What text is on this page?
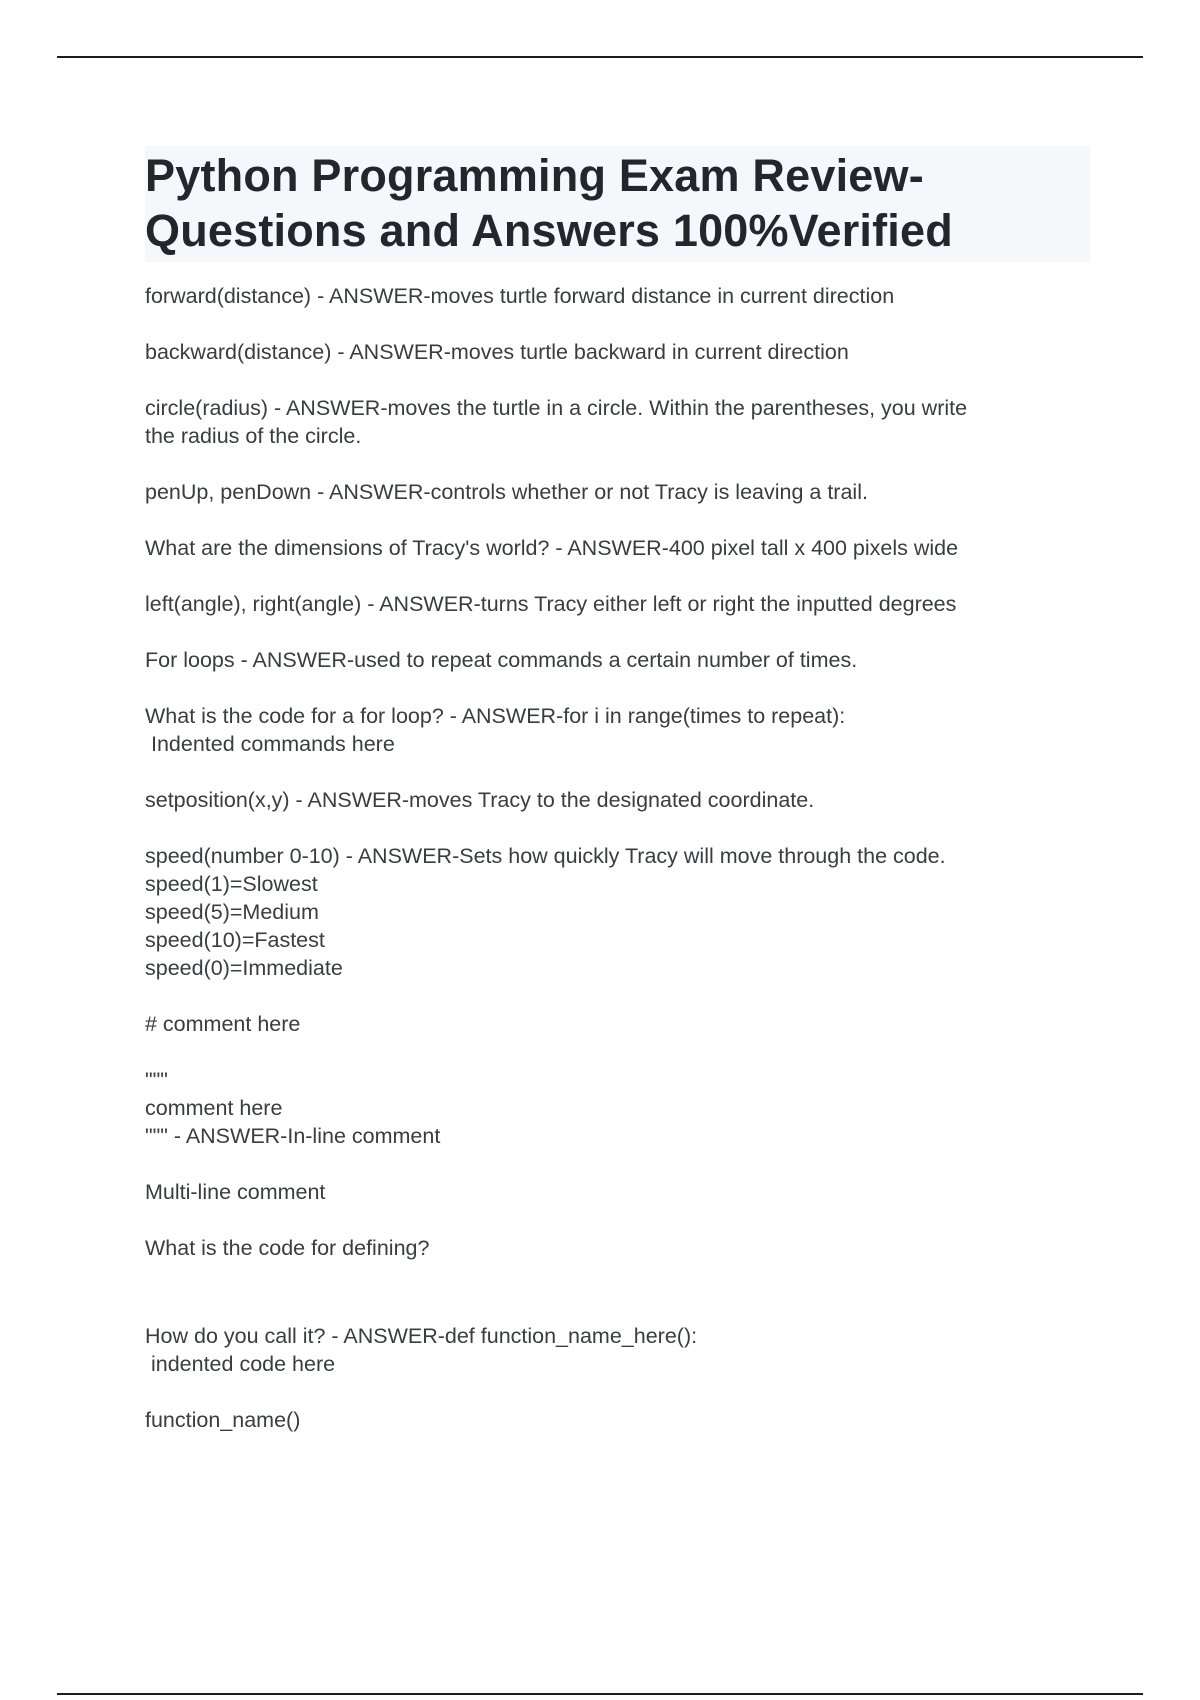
Python Programming Exam Review-
Questions and Answers 100%Verified
forward(distance) - ANSWER-moves turtle forward distance in current direction
backward(distance) - ANSWER-moves turtle backward in current direction
circle(radius) - ANSWER-moves the turtle in a circle. Within the parentheses, you write
the radius of the circle.
penUp, penDown - ANSWER-controls whether or not Tracy is leaving a trail.
What are the dimensions of Tracy's world? - ANSWER-400 pixel tall x 400 pixels wide
left(angle), right(angle) - ANSWER-turns Tracy either left or right the inputted degrees
For loops - ANSWER-used to repeat commands a certain number of times.
What is the code for a for loop? - ANSWER-for i in range(times to repeat):
Indented commands here
setposition(x,y) - ANSWER-moves Tracy to the designated coordinate.
speed(number 0-10) - ANSWER-Sets how quickly Tracy will move through the code.
speed(1)=Slowest
speed(5)=Medium
speed(10)=Fastest
speed(0)=Immediate
# comment here
"""
comment here
""" - ANSWER-In-line comment
Multi-line comment
What is the code for defining?
How do you call it? - ANSWER-def function_name_here():
indented code here
function_name()
